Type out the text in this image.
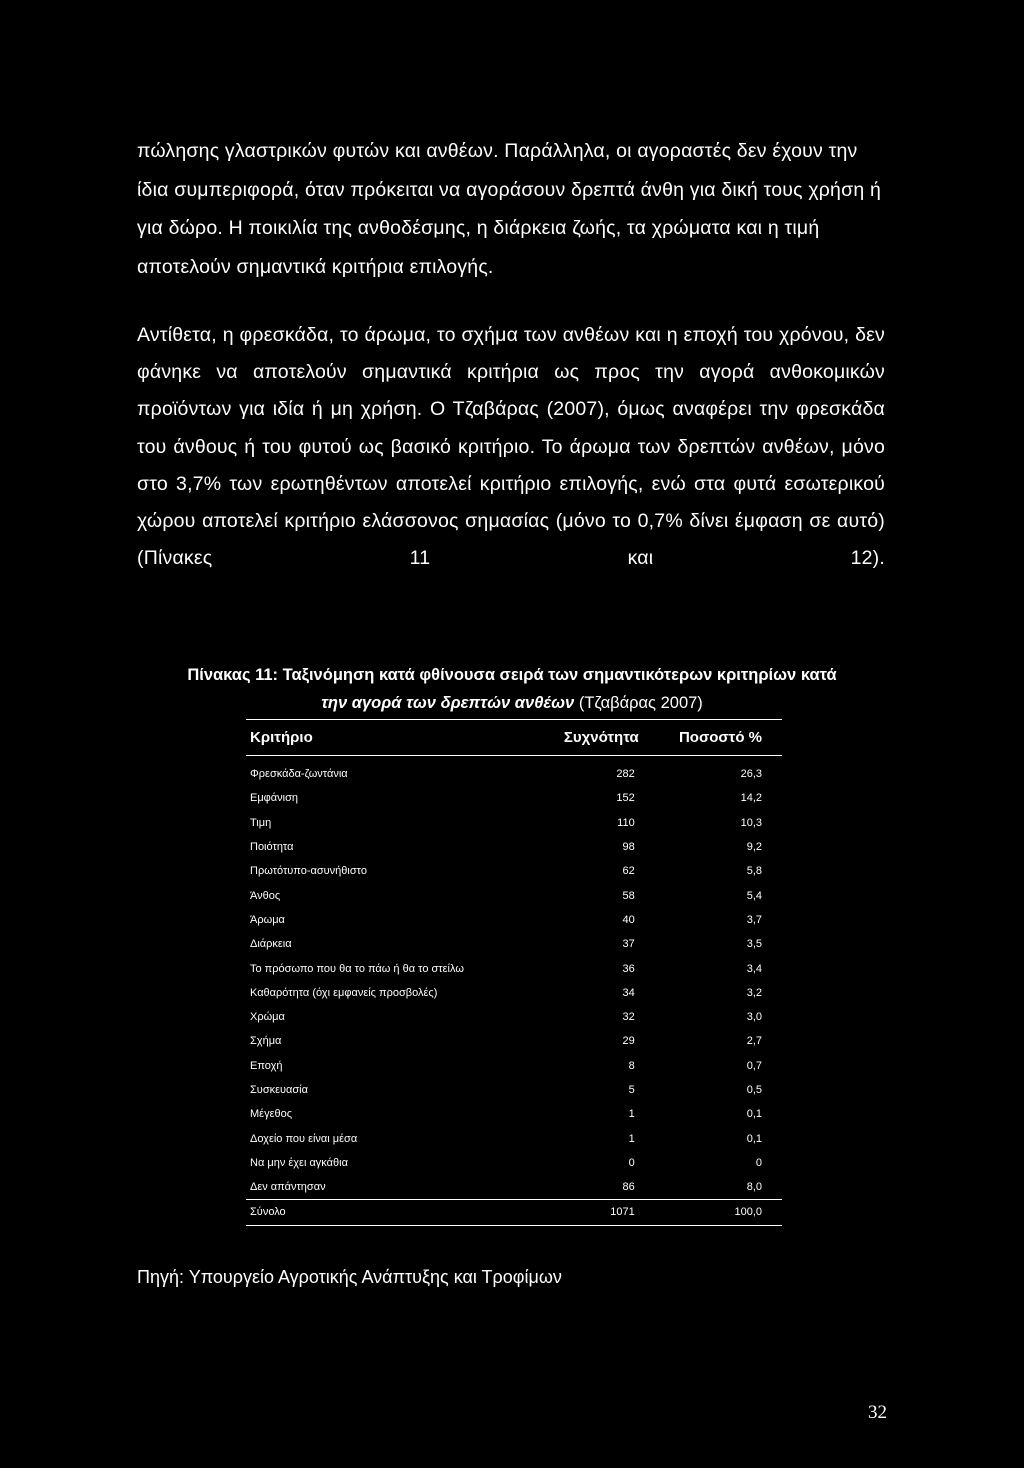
πώλησης γλαστρικών φυτών και ανθέων. Παράλληλα, οι αγοραστές δεν έχουν την ίδια συμπεριφορά, όταν πρόκειται να αγοράσουν δρεπτά άνθη για δική τους χρήση ή για δώρο. Η ποικιλία της ανθοδέσμης, η διάρκεια ζωής, τα χρώματα και η τιμή αποτελούν σημαντικά κριτήρια επιλογής.

Αντίθετα, η φρεσκάδα, το άρωμα, το σχήμα των ανθέων και η εποχή του χρόνου, δεν φάνηκε να αποτελούν σημαντικά κριτήρια ως προς την αγορά ανθοκομικών προϊόντων για ιδία ή μη χρήση. Ο Τζαβάρας (2007), όμως αναφέρει την φρεσκάδα του άνθους ή του φυτού ως βασικό κριτήριο. Το άρωμα των δρεπτών ανθέων, μόνο στο 3,7% των ερωτηθέντων αποτελεί κριτήριο επιλογής, ενώ στα φυτά εσωτερικού χώρου αποτελεί κριτήριο ελάσσονος σημασίας (μόνο το 0,7% δίνει έμφαση σε αυτό) (Πίνακες 11 και 12).

Πίνακας 11: Ταξινόμηση κατά φθίνουσα σειρά των σημαντικότερων κριτηρίων κατά

την αγορά των δρεπτών ανθέων (Τζαβάρας 2007)

Κριτήριο	Συχνότητα	Ποσοστό %
Φρεσκάδα-ζωντάνια	282	26,3
Εμφάνιση	152	14,2
Τιμη	110	10,3
Ποιότητα	98	9,2
Πρωτότυπο-ασυνήθιστο	62	5,8
Άνθος	58	5,4
Άρωμα	40	3,7
Διάρκεια	37	3,5
Το πρόσωπο που θα το πάω ή θα το στείλω	36	3,4
Καθαρότητα (όχι εμφανείς προσβολές)	34	3,2
Χρώμα	32	3,0
Σχήμα	29	2,7
Εποχή	8	0,7
Συσκευασία	5	0,5
Μέγεθος	1	0,1
Δοχείο που είναι μέσα	1	0,1
Να μην έχει αγκάθια	0	0
Δεν απάντησαν	86	8,0
Σύνολο	1071	100,0

Πηγή: Υπουργείο Αγροτικής Ανάπτυξης και Τροφίμων

32
